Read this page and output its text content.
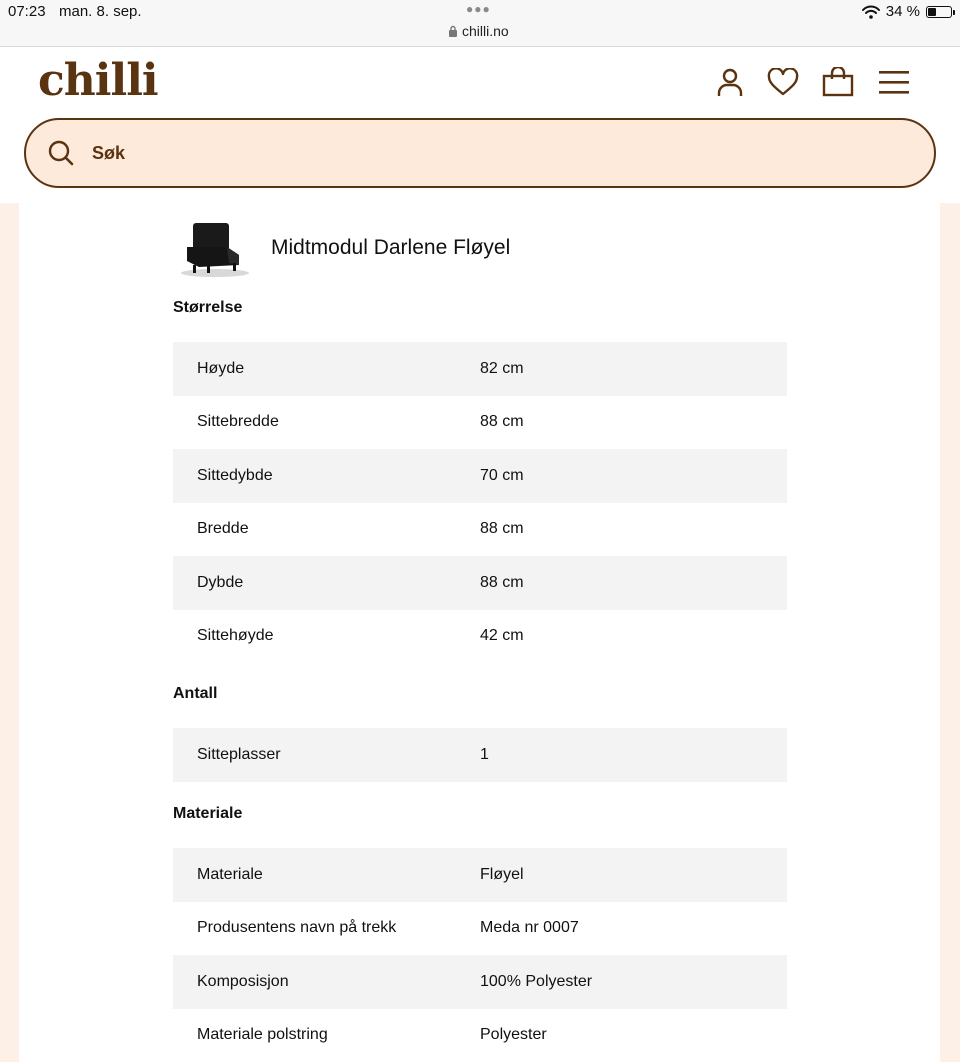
07:23 man. 8. sep.	●●●
chilli.no
34 %
chilli
Søk
Midtmodul Darlene Fløyel
Størrelse
Høyde	82 cm
Sittebredde	88 cm
Sittedybde	70 cm
Bredde	88 cm
Dybde	88 cm
Sittehøyde	42 cm
Antall
Sitteplasser	1
Materiale
Materiale	Fløyel
Produsentens navn på trekk	Meda nr 0007
Komposisjon	100% Polyester
Materiale polstring	Polyester
